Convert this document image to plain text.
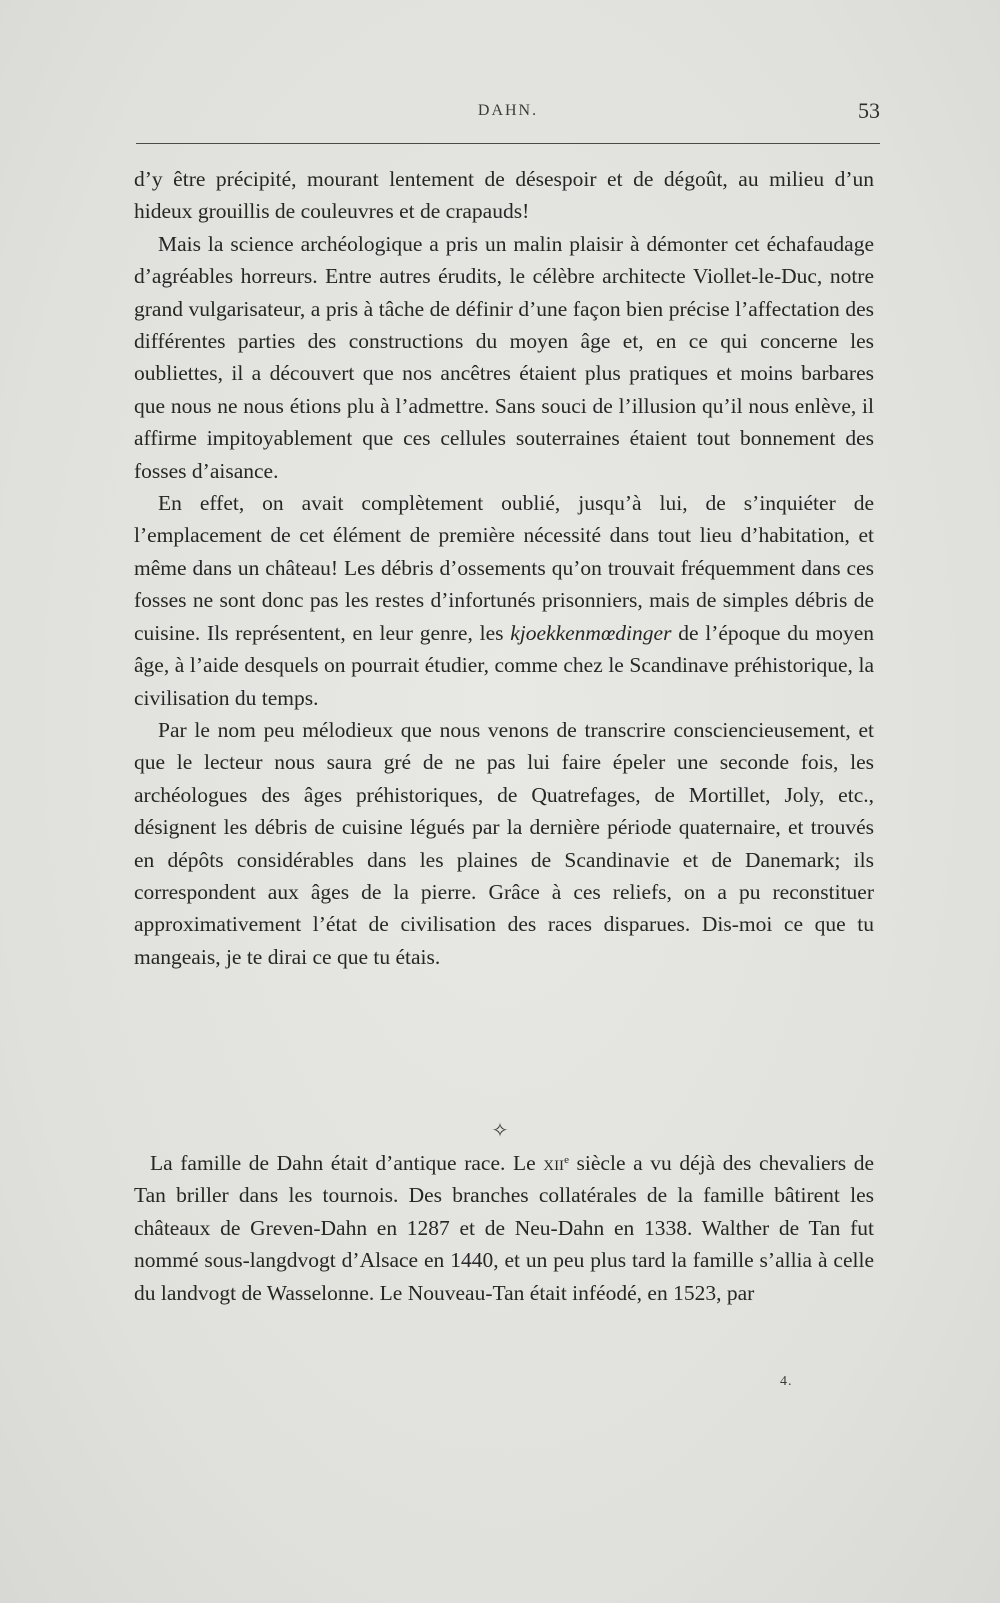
DAHN.	53

d’y être précipité, mourant lentement de désespoir et de dégoût, au milieu d’un hideux grouillis de couleuvres et de crapauds!

Mais la science archéologique a pris un malin plaisir à démonter cet échafaudage d’agréables horreurs. Entre autres érudits, le célèbre architecte Viollet-le-Duc, notre grand vulgarisateur, a pris à tâche de définir d’une façon bien précise l’affectation des différentes parties des constructions du moyen âge et, en ce qui concerne les oubliettes, il a découvert que nos ancêtres étaient plus pratiques et moins barbares que nous ne nous étions plu à l’admettre. Sans souci de l’illusion qu’il nous enlève, il affirme impitoyablement que ces cellules souterraines étaient tout bonnement des fosses d’aisance.

En effet, on avait complètement oublié, jusqu’à lui, de s’inquiéter de l’emplacement de cet élément de première nécessité dans tout lieu d’habitation, et même dans un château! Les débris d’ossements qu’on trouvait fréquemment dans ces fosses ne sont donc pas les restes d’infortunés prisonniers, mais de simples débris de cuisine. Ils représentent, en leur genre, les kjoekkenmœdinger de l’époque du moyen âge, à l’aide desquels on pourrait étudier, comme chez le Scandinave préhistorique, la civilisation du temps.

Par le nom peu mélodieux que nous venons de transcrire consciencieusement, et que le lecteur nous saura gré de ne pas lui faire épeler une seconde fois, les archéologues des âges préhistoriques, de Quatrefages, de Mortillet, Joly, etc., désignent les débris de cuisine légués par la dernière période quaternaire, et trouvés en dépôts considérables dans les plaines de Scandinavie et de Danemark; ils correspondent aux âges de la pierre. Grâce à ces reliefs, on a pu reconstituer approximativement l’état de civilisation des races disparues. Dis-moi ce que tu mangeais, je te dirai ce que tu étais.

✧

La famille de Dahn était d’antique race. Le xii$^e$ siècle a vu déjà des chevaliers de Tan briller dans les tournois. Des branches collatérales de la famille bâtirent les châteaux de Greven-Dahn en 1287 et de Neu-Dahn en 1338. Walther de Tan fut nommé sous-langdvogt d’Alsace en 1440, et un peu plus tard la famille s’allia à celle du landvogt de Wasselonne. Le Nouveau-Tan était inféodé, en 1523, par

4.
